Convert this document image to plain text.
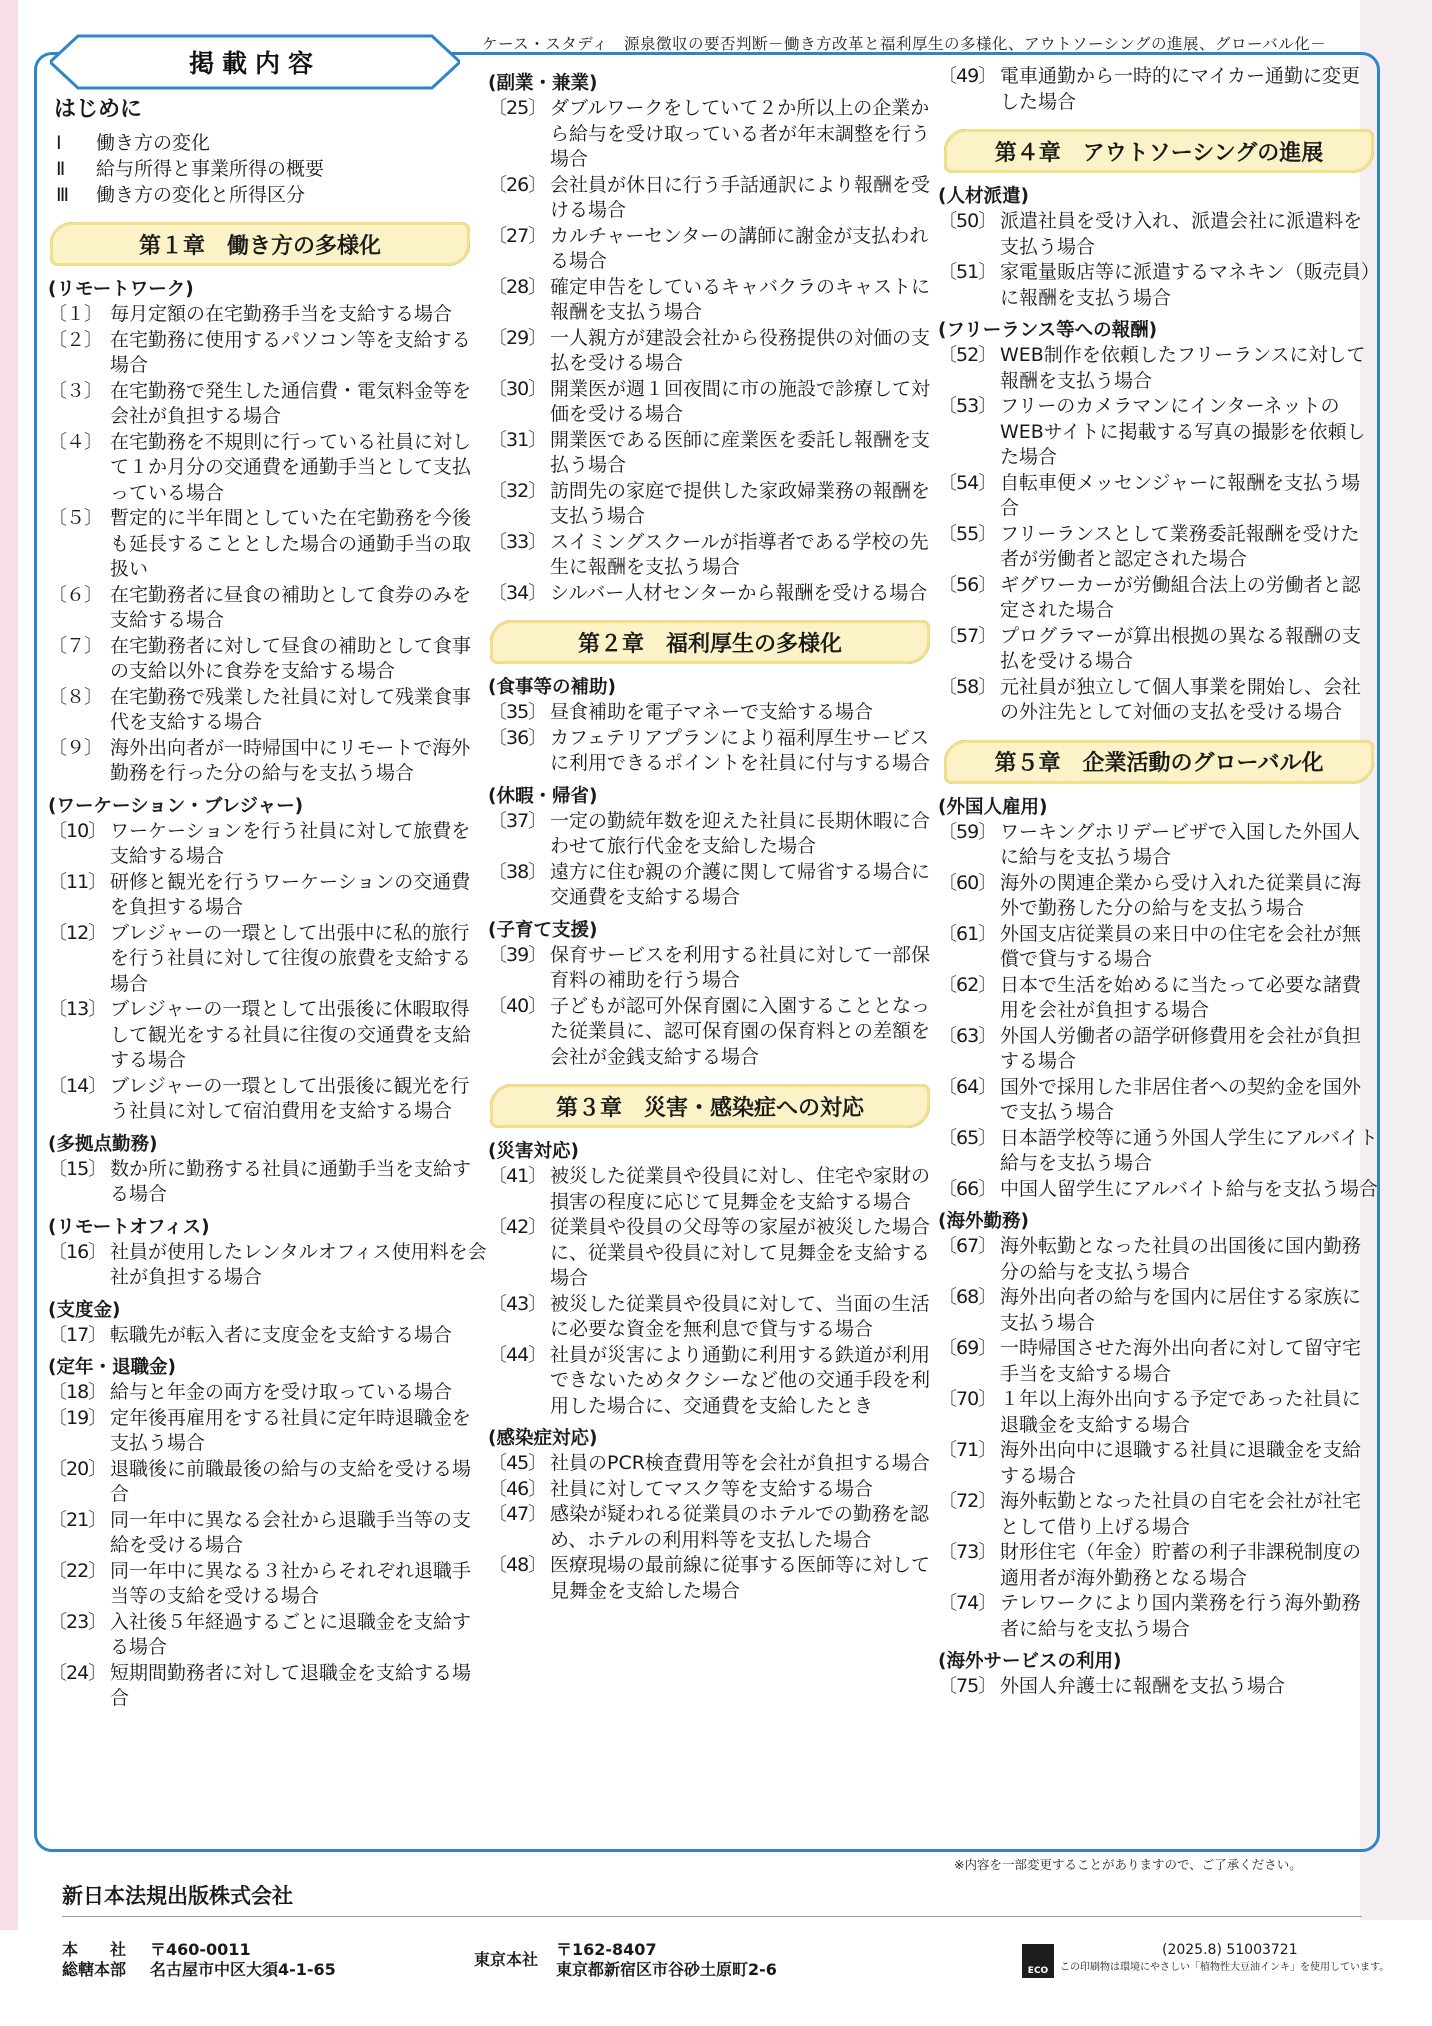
掲載内容
ケース・スタディ　源泉徴収の要否判断－働き方改革と福利厚生の多様化、アウトソーシングの進展、グローバル化－
はじめに
Ⅰ	働き方の変化
Ⅱ	給与所得と事業所得の概要
Ⅲ	働き方の変化と所得区分
第１章　働き方の多様化
(リモートワーク)
〔１〕 毎月定額の在宅勤務手当を支給する場合
〔２〕 在宅勤務に使用するパソコン等を支給する場合
〔３〕 在宅勤務で発生した通信費・電気料金等を会社が負担する場合
〔４〕 在宅勤務を不規則に行っている社員に対して１か月分の交通費を通勤手当として支払っている場合
〔５〕 暫定的に半年間としていた在宅勤務を今後も延長することとした場合の通勤手当の取扱い
〔６〕 在宅勤務者に昼食の補助として食券のみを支給する場合
〔７〕 在宅勤務者に対して昼食の補助として食事の支給以外に食券を支給する場合
〔８〕 在宅勤務で残業した社員に対して残業食事代を支給する場合
〔９〕 海外出向者が一時帰国中にリモートで海外勤務を行った分の給与を支払う場合
(ワーケーション・ブレジャー)
〔10〕 ワーケーションを行う社員に対して旅費を支給する場合
〔11〕 研修と観光を行うワーケーションの交通費を負担する場合
〔12〕 ブレジャーの一環として出張中に私的旅行を行う社員に対して往復の旅費を支給する場合
〔13〕 ブレジャーの一環として出張後に休暇取得して観光をする社員に往復の交通費を支給する場合
〔14〕 ブレジャーの一環として出張後に観光を行う社員に対して宿泊費用を支給する場合
(多拠点勤務)
〔15〕 数か所に勤務する社員に通勤手当を支給する場合
(リモートオフィス)
〔16〕 社員が使用したレンタルオフィス使用料を会社が負担する場合
(支度金)
〔17〕 転職先が転入者に支度金を支給する場合
(定年・退職金)
〔18〕 給与と年金の両方を受け取っている場合
〔19〕 定年後再雇用をする社員に定年時退職金を支払う場合
〔20〕 退職後に前職最後の給与の支給を受ける場合
〔21〕 同一年中に異なる会社から退職手当等の支給を受ける場合
〔22〕 同一年中に異なる３社からそれぞれ退職手当等の支給を受ける場合
〔23〕 入社後５年経過するごとに退職金を支給する場合
〔24〕 短期間勤務者に対して退職金を支給する場合
(副業・兼業)
〔25〕 ダブルワークをしていて２か所以上の企業から給与を受け取っている者が年末調整を行う場合
〔26〕 会社員が休日に行う手話通訳により報酬を受ける場合
〔27〕 カルチャーセンターの講師に謝金が支払われる場合
〔28〕 確定申告をしているキャバクラのキャストに報酬を支払う場合
〔29〕 一人親方が建設会社から役務提供の対価の支払を受ける場合
〔30〕 開業医が週１回夜間に市の施設で診療して対価を受ける場合
〔31〕 開業医である医師に産業医を委託し報酬を支払う場合
〔32〕 訪問先の家庭で提供した家政婦業務の報酬を支払う場合
〔33〕 スイミングスクールが指導者である学校の先生に報酬を支払う場合
〔34〕 シルバー人材センターから報酬を受ける場合
第２章　福利厚生の多様化
(食事等の補助)
〔35〕 昼食補助を電子マネーで支給する場合
〔36〕 カフェテリアプランにより福利厚生サービスに利用できるポイントを社員に付与する場合
(休暇・帰省)
〔37〕 一定の勤続年数を迎えた社員に長期休暇に合わせて旅行代金を支給した場合
〔38〕 遠方に住む親の介護に関して帰省する場合に交通費を支給する場合
(子育て支援)
〔39〕 保育サービスを利用する社員に対して一部保育料の補助を行う場合
〔40〕 子どもが認可外保育園に入園することとなった従業員に、認可保育園の保育料との差額を会社が金銭支給する場合
第３章　災害・感染症への対応
(災害対応)
〔41〕 被災した従業員や役員に対し、住宅や家財の損害の程度に応じて見舞金を支給する場合
〔42〕 従業員や役員の父母等の家屋が被災した場合に、従業員や役員に対して見舞金を支給する場合
〔43〕 被災した従業員や役員に対して、当面の生活に必要な資金を無利息で貸与する場合
〔44〕 社員が災害により通勤に利用する鉄道が利用できないためタクシーなど他の交通手段を利用した場合に、交通費を支給したとき
(感染症対応)
〔45〕 社員のPCR検査費用等を会社が負担する場合
〔46〕 社員に対してマスク等を支給する場合
〔47〕 感染が疑われる従業員のホテルでの勤務を認め、ホテルの利用料等を支払した場合
〔48〕 医療現場の最前線に従事する医師等に対して見舞金を支給した場合
〔49〕 電車通勤から一時的にマイカー通勤に変更した場合
第４章　アウトソーシングの進展
(人材派遣)
〔50〕 派遣社員を受け入れ、派遣会社に派遣料を支払う場合
〔51〕 家電量販店等に派遣するマネキン（販売員）に報酬を支払う場合
(フリーランス等への報酬)
〔52〕 WEB制作を依頼したフリーランスに対して報酬を支払う場合
〔53〕 フリーのカメラマンにインターネットのWEBサイトに掲載する写真の撮影を依頼した場合
〔54〕 自転車便メッセンジャーに報酬を支払う場合
〔55〕 フリーランスとして業務委託報酬を受けた者が労働者と認定された場合
〔56〕 ギグワーカーが労働組合法上の労働者と認定された場合
〔57〕 プログラマーが算出根拠の異なる報酬の支払を受ける場合
〔58〕 元社員が独立して個人事業を開始し、会社の外注先として対価の支払を受ける場合
第５章　企業活動のグローバル化
(外国人雇用)
〔59〕 ワーキングホリデービザで入国した外国人に給与を支払う場合
〔60〕 海外の関連企業から受け入れた従業員に海外で勤務した分の給与を支払う場合
〔61〕 外国支店従業員の来日中の住宅を会社が無償で貸与する場合
〔62〕 日本で生活を始めるに当たって必要な諸費用を会社が負担する場合
〔63〕 外国人労働者の語学研修費用を会社が負担する場合
〔64〕 国外で採用した非居住者への契約金を国外で支払う場合
〔65〕 日本語学校等に通う外国人学生にアルバイト給与を支払う場合
〔66〕 中国人留学生にアルバイト給与を支払う場合
(海外勤務)
〔67〕 海外転勤となった社員の出国後に国内勤務分の給与を支払う場合
〔68〕 海外出向者の給与を国内に居住する家族に支払う場合
〔69〕 一時帰国させた海外出向者に対して留守宅手当を支給する場合
〔70〕 １年以上海外出向する予定であった社員に退職金を支給する場合
〔71〕 海外出向中に退職する社員に退職金を支給する場合
〔72〕 海外転勤となった社員の自宅を会社が社宅として借り上げる場合
〔73〕 財形住宅（年金）貯蓄の利子非課税制度の適用者が海外勤務となる場合
〔74〕 テレワークにより国内業務を行う海外勤務者に給与を支払う場合
(海外サービスの利用)
〔75〕 外国人弁護士に報酬を支払う場合
※内容を一部変更することがありますので、ご了承ください。
新日本法規出版株式会社
本　　社
総轄本部
〒460-0011
名古屋市中区大須4-1-65
東京本社
〒162-8407
東京都新宿区市谷砂土原町2-6
ECO	この印刷物は環境にやさしい「植物性大豆油インキ」を使用しています。
(2025.8) 51003721
